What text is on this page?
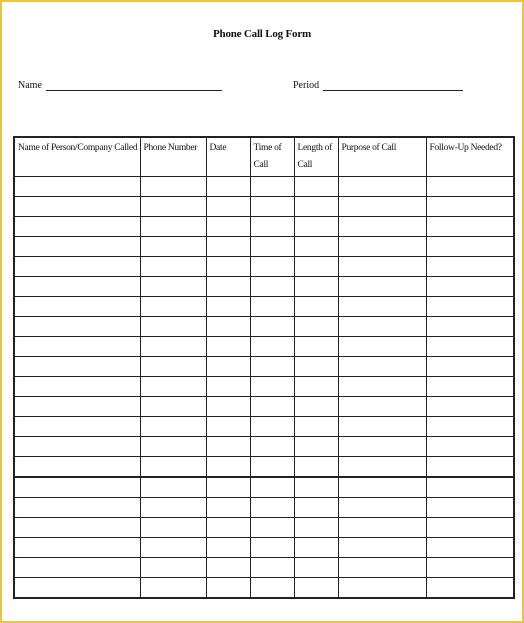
Phone Call Log Form
Name	Period
Name of Person/Company Called	Phone Number	Date	Time of Call	Length of Call	Purpose of Call	Follow-Up Needed?
